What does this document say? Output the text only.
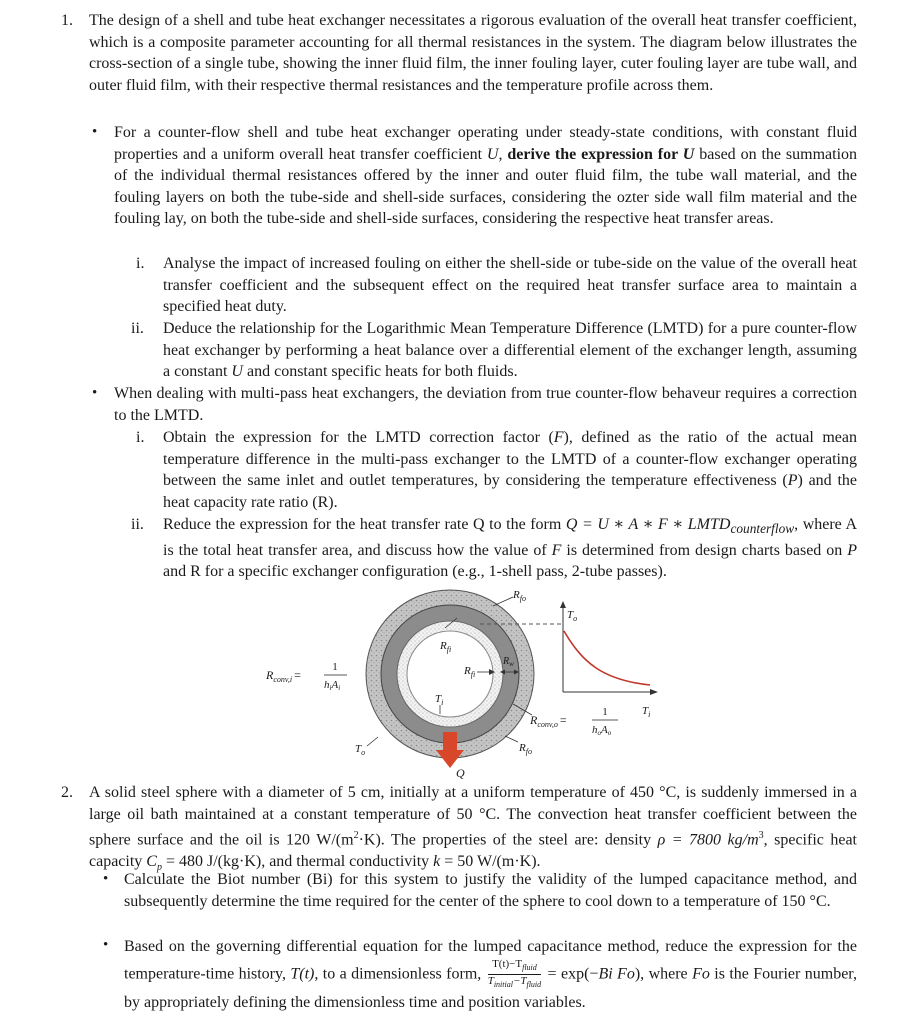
1. The design of a shell and tube heat exchanger necessitates a rigorous evaluation of the overall heat transfer coefficient, which is a composite parameter accounting for all thermal resistances in the system. The diagram below illustrates the cross-section of a single tube, showing the inner fluid film, the inner fouling layer, cuter fouling layer are tube wall, and outer fluid film, with their respective thermal resistances and the temperature profile across them.

• For a counter-flow shell and tube heat exchanger operating under steady-state conditions, with constant fluid properties and a uniform overall heat transfer coefficient U, derive the expression for U based on the summation of the individual thermal resistances offered by the inner and outer fluid film, the tube wall material, and the fouling layers on both the tube-side and shell-side surfaces, considering the ozter side wall film material and the fouling lay, on both the tube-side and shell-side surfaces, considering the respective heat transfer areas.

i. Analyse the impact of increased fouling on either the shell-side or tube-side on the value of the overall heat transfer coefficient and the subsequent effect on the required heat transfer surface area to maintain a specified heat duty.

ii. Deduce the relationship for the Logarithmic Mean Temperature Difference (LMTD) for a pure counter-flow heat exchanger by performing a heat balance over a differential element of the exchanger length, assuming a constant U and constant specific heats for both fluids.

• When dealing with multi-pass heat exchangers, the deviation from true counter-flow behaveur requires a correction to the LMTD.

i. Obtain the expression for the LMTD correction factor (F), defined as the ratio of the actual mean temperature difference in the multi-pass exchanger to the LMTD of a counter-flow exchanger operating between the same inlet and outlet temperatures, by considering the temperature effectiveness (P) and the heat capacity rate ratio (R).

ii. Reduce the expression for the heat transfer rate Q to the form Q = U ∗ A ∗ F ∗ $LMTD_{counterflow}$, where A is the total heat transfer area, and discuss how the value of F is determined from design charts based on P and R for a specific exchanger configuration (e.g., 1-shell pass, 2-tube passes).

$R_{conv,i}$ =
1
hiAi
$R_{fo}$
$R_{fi}$
$R_{fi}$
$R_w$
$T_i$
$T_o$
Q
$T_o$
$T_i$
$R_{conv,o}$ =
1
hoAo
$R_{fo}$
2. A solid steel sphere with a diameter of 5 cm, initially at a uniform temperature of 450 °C, is suddenly immersed in a large oil bath maintained at a constant temperature of 50 °C. The convection heat transfer coefficient between the sphere surface and the oil is 120 $W/(m^2\cdot K)$. The properties of the steel are: density ρ = 7800 $kg/m^3$, specific heat capacity $C_p = 480$ J/(kg·K), and thermal conductivity k = 50 W/(m·K).

• Calculate the Biot number (Bi) for this system to justify the validity of the lumped capacitance method, and subsequently determine the time required for the center of the sphere to cool down to a temperature of 150 °C.

• Based on the governing differential equation for the lumped capacitance method, reduce the expression for the temperature-time history, T(t), to a dimensionless form, $\frac{T(t)-T_{fluid}}{T_{initial}-T_{fluid}} = \exp(-Bi$ Fo), where Fo is the Fourier number, by appropriately defining the dimensionless time and position variables.
